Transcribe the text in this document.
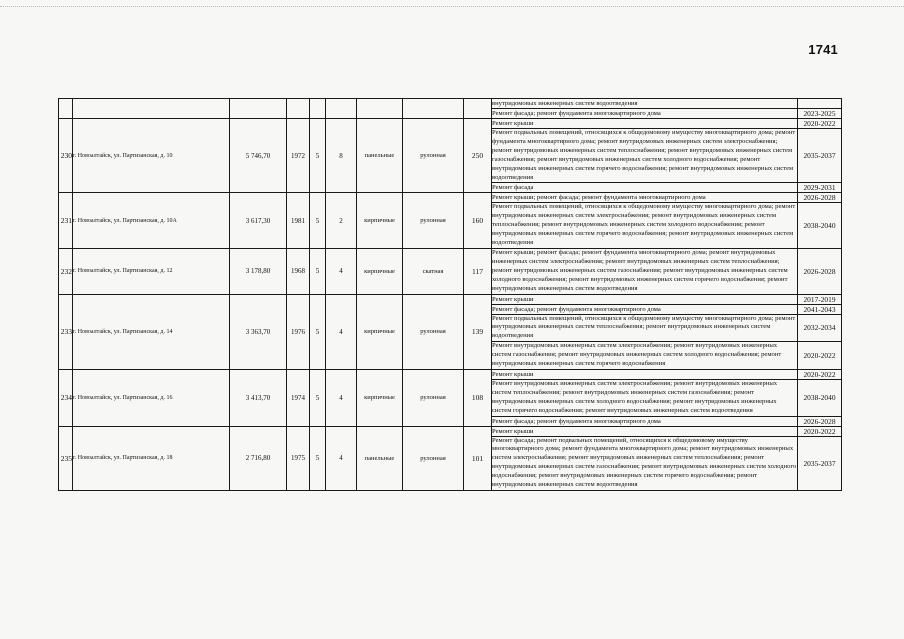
1741
									внутридомовых инженерных систем водоотведения	
									Ремонт фасада; ремонт фундамента многоквартирного дома	2023-2025
230	г. Новоалтайск, ул. Партизанская, д. 10	5 746,70	1972	5	8	панельные	рулонная	250	Ремонт крыши	2020-2022
									Ремонт подвальных помещений, относящихся к общедомовому имуществу многоквартирного дома; ремонт фундамента многоквартирного дома; ремонт внутридомовых инженерных систем электроснабжения; ремонт внутридомовых инженерных систем теплоснабжения; ремонт внутридомовых инженерных систем газоснабжения; ремонт внутридомовых инженерных систем холодного водоснабжения; ремонт внутридомовых инженерных систем горячего водоснабжения; ремонт внутридомовых инженерных систем водоотведения	2035-2037
									Ремонт фасада	2029-2031
231	г. Новоалтайск, ул. Партизанская, д. 10А	3 617,30	1981	5	2	кирпичные	рулонная	160	Ремонт крыши; ремонт фасада; ремонт фундамента многоквартирного дома	2026-2028
									Ремонт подвальных помещений, относящихся к общедомовому имуществу многоквартирного дома; ремонт внутридомовых инженерных систем электроснабжения; ремонт внутридомовых инженерных систем теплоснабжения; ремонт внутридомовых инженерных систем холодного водоснабжения; ремонт внутридомовых инженерных систем горячего водоснабжения; ремонт внутридомовых инженерных систем водоотведения	2038-2040
232	г. Новоалтайск, ул. Партизанская, д. 12	3 178,80	1968	5	4	кирпичные	скатная	117	Ремонт крыши; ремонт фасада; ремонт фундамента многоквартирного дома; ремонт внутридомовых инженерных систем электроснабжения; ремонт внутридомовых инженерных систем теплоснабжения; ремонт внутридомовых инженерных систем газоснабжения; ремонт внутридомовых инженерных систем холодного водоснабжения; ремонт внутридомовых инженерных систем горячего водоснабжения; ремонт внутридомовых инженерных систем водоотведения	2026-2028
233	г. Новоалтайск, ул. Партизанская, д. 14	3 363,70	1976	5	4	кирпичные	рулонная	139	Ремонт крыши	2017-2019
									Ремонт фасада; ремонт фундамента многоквартирного дома	2041-2043
									Ремонт подвальных помещений, относящихся к общедомовому имуществу многоквартирного дома; ремонт внутридомовых инженерных систем теплоснабжения; ремонт внутридомовых инженерных систем водоотведения	2032-2034
									Ремонт внутридомовых инженерных систем электроснабжения; ремонт внутридомовых инженерных систем газоснабжения; ремонт внутридомовых инженерных систем холодного водоснабжения; ремонт внутридомовых инженерных систем горячего водоснабжения	2020-2022
234	г. Новоалтайск, ул. Партизанская, д. 16	3 413,70	1974	5	4	кирпичные	рулонная	108	Ремонт крыши	2020-2022
									Ремонт внутридомовых инженерных систем электроснабжения; ремонт внутридомовых инженерных систем теплоснабжения; ремонт внутридомовых инженерных систем газоснабжения; ремонт внутридомовых инженерных систем холодного водоснабжения; ремонт внутридомовых инженерных систем горячего водоснабжения; ремонт внутридомовых инженерных систем водоотведения	2038-2040
									Ремонт фасада; ремонт фундамента многоквартирного дома	2026-2028
235	г. Новоалтайск, ул. Партизанская, д. 18	2 716,80	1975	5	4	панельные	рулонная	101	Ремонт крыши	2020-2022
									Ремонт фасада; ремонт подвальных помещений, относящихся к общедомовому имуществу многоквартирного дома; ремонт фундамента многоквартирного дома; ремонт внутридомовых инженерных систем электроснабжения; ремонт внутридомовых инженерных систем теплоснабжения; ремонт внутридомовых инженерных систем газоснабжения; ремонт внутридомовых инженерных систем холодного водоснабжения; ремонт внутридомовых инженерных систем горячего водоснабжения; ремонт внутридомовых инженерных систем водоотведения	2035-2037
